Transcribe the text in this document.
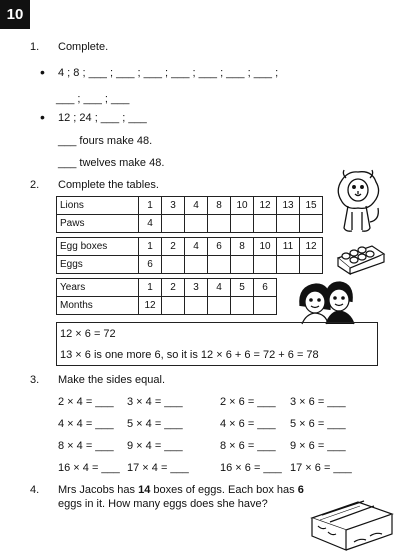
10
1. Complete.
• 4 ; 8 ; ___ ; ___ ; ___ ; ___ ; ___ ; ___ ; ___ ;
___ ; ___ ; ___
• 12 ; 24 ; ___ ; ___
___ fours make 48.
___ twelves make 48.
2. Complete the tables.
Lions	1	3	4	8	10	12	13	15
Paws	4							
Egg boxes	1	2	4	6	8	10	11	12
Eggs	6							
Years	1	2	3	4	5	6
Months	12					
12 × 6 = 72
13 × 6 is one more 6, so it is 12 × 6 + 6 = 72 + 6 = 78
3. Make the sides equal.
2 × 4 = ___ 3 × 4 = ___	2 × 6 = ___ 3 × 6 = ___
4 × 4 = ___ 5 × 4 = ___	4 × 6 = ___ 5 × 6 = ___
8 × 4 = ___ 9 × 4 = ___	8 × 6 = ___ 9 × 6 = ___
16 × 4 = ___ 17 × 4 = ___	16 × 6 = ___ 17 × 6 = ___
4. Mrs Jacobs has 14 boxes of eggs. Each box has 6
eggs in it. How many eggs does she have?
